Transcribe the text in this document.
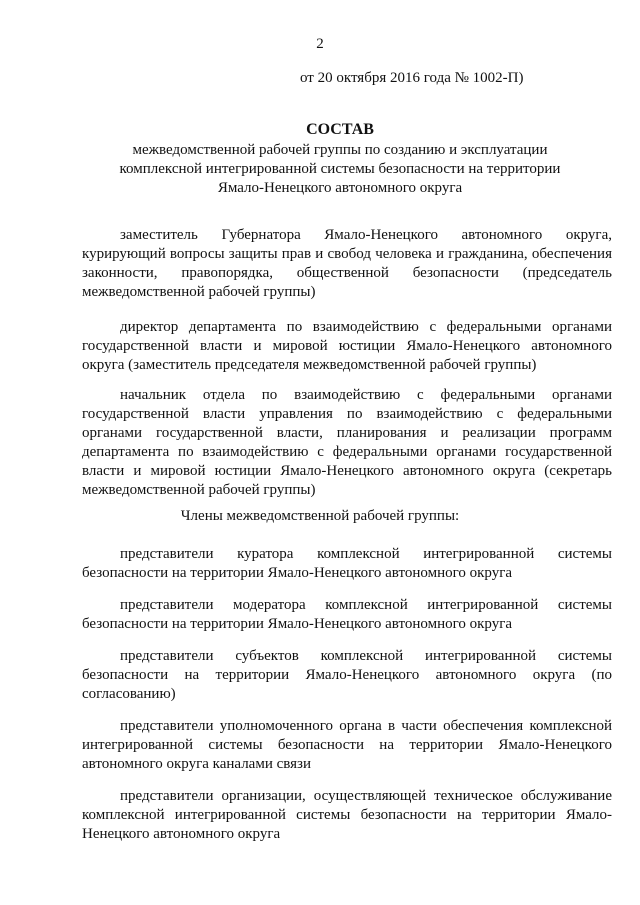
2
от 20 октября 2016 года № 1002-П)
СОСТАВ
межведомственной рабочей группы по созданию и эксплуатации
комплексной интегрированной системы безопасности на территории
Ямало-Ненецкого автономного округа
заместитель Губернатора Ямало-Ненецкого автономного округа, курирующий вопросы защиты прав и свобод человека и гражданина, обеспечения законности, правопорядка, общественной безопасности (председатель межведомственной рабочей группы)
директор департамента по взаимодействию с федеральными органами государственной власти и мировой юстиции Ямало-Ненецкого автономного округа (заместитель председателя межведомственной рабочей группы)
начальник отдела по взаимодействию с федеральными органами государственной власти управления по взаимодействию с федеральными органами государственной власти, планирования и реализации программ департамента по взаимодействию с федеральными органами государственной власти и мировой юстиции Ямало-Ненецкого автономного округа (секретарь межведомственной рабочей группы)
Члены межведомственной рабочей группы:
представители куратора комплексной интегрированной системы безопасности на территории Ямало-Ненецкого автономного округа
представители модератора комплексной интегрированной системы безопасности на территории Ямало-Ненецкого автономного округа
представители субъектов комплексной интегрированной системы безопасности на территории Ямало-Ненецкого автономного округа (по согласованию)
представители уполномоченного органа в части обеспечения комплексной интегрированной системы безопасности на территории Ямало-Ненецкого автономного округа каналами связи
представители организации, осуществляющей техническое обслуживание комплексной интегрированной системы безопасности на территории Ямало-Ненецкого автономного округа
